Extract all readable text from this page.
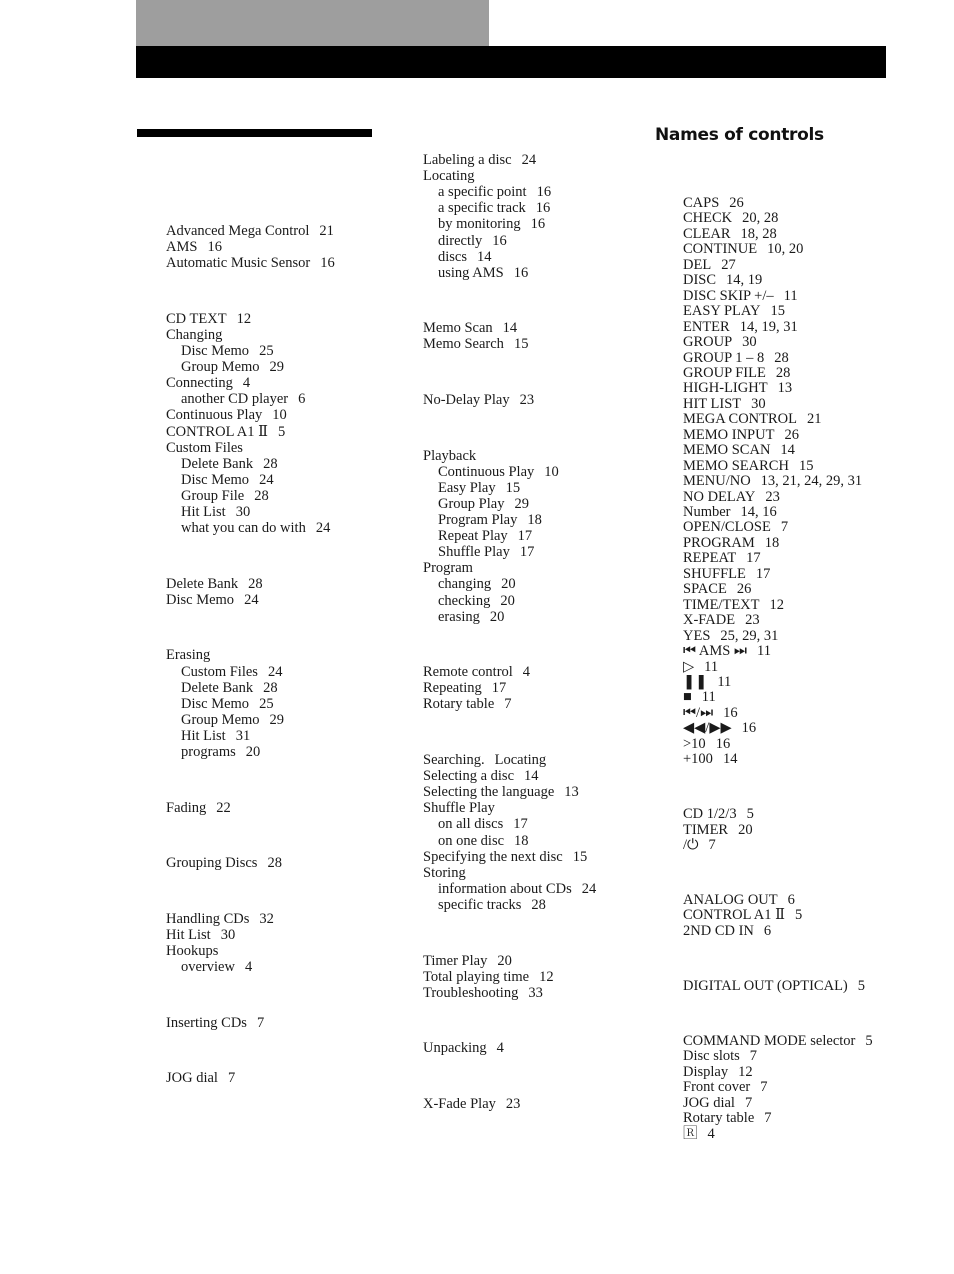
Names of controls
Advanced Mega Control 21
AMS 16
Automatic Music Sensor 16
CD TEXT 12
Changing
Disc Memo 25
Group Memo 29
Connecting 4
another CD player 6
Continuous Play 10
CONTROL A1 Ⅱ 5
Custom Files
Delete Bank 28
Disc Memo 24
Group File 28
Hit List 30
what you can do with 24
Delete Bank 28
Disc Memo 24
Erasing
Custom Files 24
Delete Bank 28
Disc Memo 25
Group Memo 29
Hit List 31
programs 20
Fading 22
Grouping Discs 28
Handling CDs 32
Hit List 30
Hookups
overview 4
Inserting CDs 7
JOG dial 7
Labeling a disc 24
Locating
a specific point 16
a specific track 16
by monitoring 16
directly 16
discs 14
using AMS 16
Memo Scan 14
Memo Search 15
No-Delay Play 23
Playback
Continuous Play 10
Easy Play 15
Group Play 29
Program Play 18
Repeat Play 17
Shuffle Play 17
Program
changing 20
checking 20
erasing 20
Remote control 4
Repeating 17
Rotary table 7
Searching. Locating
Selecting a disc 14
Selecting the language 13
Shuffle Play
on all discs 17
on one disc 18
Specifying the next disc 15
Storing
information about CDs 24
specific tracks 28
Timer Play 20
Total playing time 12
Troubleshooting 33
Unpacking 4
X-Fade Play 23
CAPS 26
CHECK 20, 28
CLEAR 18, 28
CONTINUE 10, 20
DEL 27
DISC 14, 19
DISC SKIP +/– 11
EASY PLAY 15
ENTER 14, 19, 31
GROUP 30
GROUP 1 – 8 28
GROUP FILE 28
HIGH-LIGHT 13
HIT LIST 30
MEGA CONTROL 21
MEMO INPUT 26
MEMO SCAN 14
MEMO SEARCH 15
MENU/NO 13, 21, 24, 29, 31
NO DELAY 23
Number 14, 16
OPEN/CLOSE 7
PROGRAM 18
REPEAT 17
SHUFFLE 17
SPACE 26
TIME/TEXT 12
X-FADE 23
YES 25, 29, 31
⏮ AMS ⏭ 11
▷ 11
❚❚ 11
■ 11
⏮/⏭ 16
◀◀/▶▶ 16
>10 16
+100 14
CD 1/2/3 5
TIMER 20
/⏻ 7
ANALOG OUT 6
CONTROL A1 Ⅱ 5
2ND CD IN 6
DIGITAL OUT (OPTICAL) 5
COMMAND MODE selector 5
Disc slots 7
Display 12
Front cover 7
JOG dial 7
Rotary table 7
🅁 4
